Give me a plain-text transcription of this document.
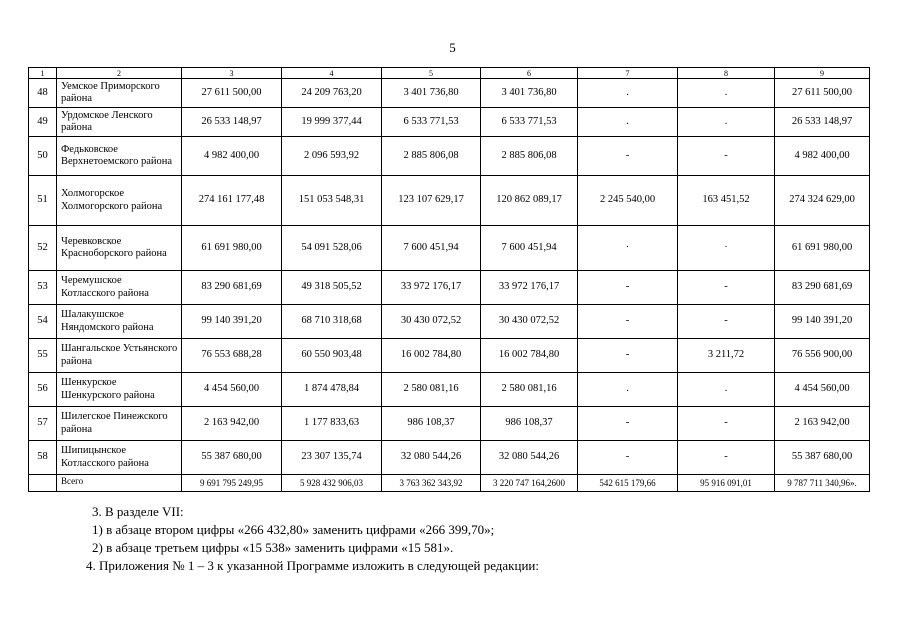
5
1	2	3	4	5	6	7	8	9
48	Уемское Приморского района	27 611 500,00	24 209 763,20	3 401 736,80	3 401 736,80	.	.	27 611 500,00
49	Урдомское Ленского района	26 533 148,97	19 999 377,44	6 533 771,53	6 533 771,53	.	.	26 533 148,97
50	Федьковское Верхнетоемского района	4 982 400,00	2 096 593,92	2 885 806,08	2 885 806,08	-	-	4 982 400,00
51	Холмогорское Холмогорского района	274 161 177,48	151 053 548,31	123 107 629,17	120 862 089,17	2 245 540,00	163 451,52	274 324 629,00
52	Черевковское Красноборского района	61 691 980,00	54 091 528,06	7 600 451,94	7 600 451,94	·	·	61 691 980,00
53	Черемушское Котласского района	83 290 681,69	49 318 505,52	33 972 176,17	33 972 176,17	-	-	83 290 681,69
54	Шалакушское Няндомского района	99 140 391,20	68 710 318,68	30 430 072,52	30 430 072,52	-	-	99 140 391,20
55	Шангальское Устьянского района	76 553 688,28	60 550 903,48	16 002 784,80	16 002 784,80	-	3 211,72	76 556 900,00
56	Шенкурское Шенкурского района	4 454 560,00	1 874 478,84	2 580 081,16	2 580 081,16	.	.	4 454 560,00
57	Шилегское Пинежского района	2 163 942,00	1 177 833,63	986 108,37	986 108,37	-	-	2 163 942,00
58	Шипицынское Котласского района	55 387 680,00	23 307 135,74	32 080 544,26	32 080 544,26	-	-	55 387 680,00
	Всего	9 691 795 249,95	5 928 432 906,03	3 763 362 343,92	3 220 747 164,2600	542 615 179,66	95 916 091,01	9 787 711 340,96».
3. В разделе VII:
1) в абзаце втором цифры «266 432,80» заменить цифрами «266 399,70»;
2) в абзаце третьем цифры «15 538» заменить цифрами «15 581».
4. Приложения № 1 – 3 к указанной Программе изложить в следующей редакции:
